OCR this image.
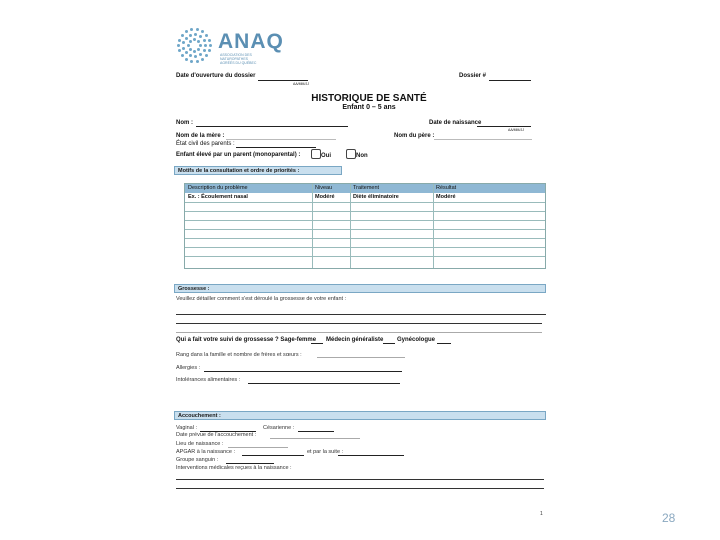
ANAQ
ASSOCIATION DES NATUROPATHES AGRÉÉS DU QUÉBEC
Date d'ouverture du dossier
AA/MM/JJ
Dossier #
HISTORIQUE DE SANTÉ
Enfant 0 – 5 ans
Nom :	Date de naissance
AA/MM/JJ
Nom de la mère :	Nom du père :
État civil des parents :
Enfant élevé par un parent (monoparental) :	Oui	Non
Motifs de la consultation et ordre de priorités :
Description du problème	Niveau	Traitement	Résultat
Ex. : Écoulement nasal	Modéré	Diète éliminatoire	Modéré
Grossesse :
Veuillez détailler comment s'est déroulé la grossesse de votre enfant :
Qui a fait votre suivi de grossesse ? Sage-femme Médecin généraliste Gynécologue
Rang dans la famille et nombre de frères et sœurs :
Allergies :
Intolérances alimentaires :
Accouchement :
Vaginal :	Césarienne :
Date prévue de l'accouchement :
Lieu de naissance :
APGAR à la naissance :	et par la suite :
Groupe sanguin :
Interventions médicales reçues à la naissance :
1	28
